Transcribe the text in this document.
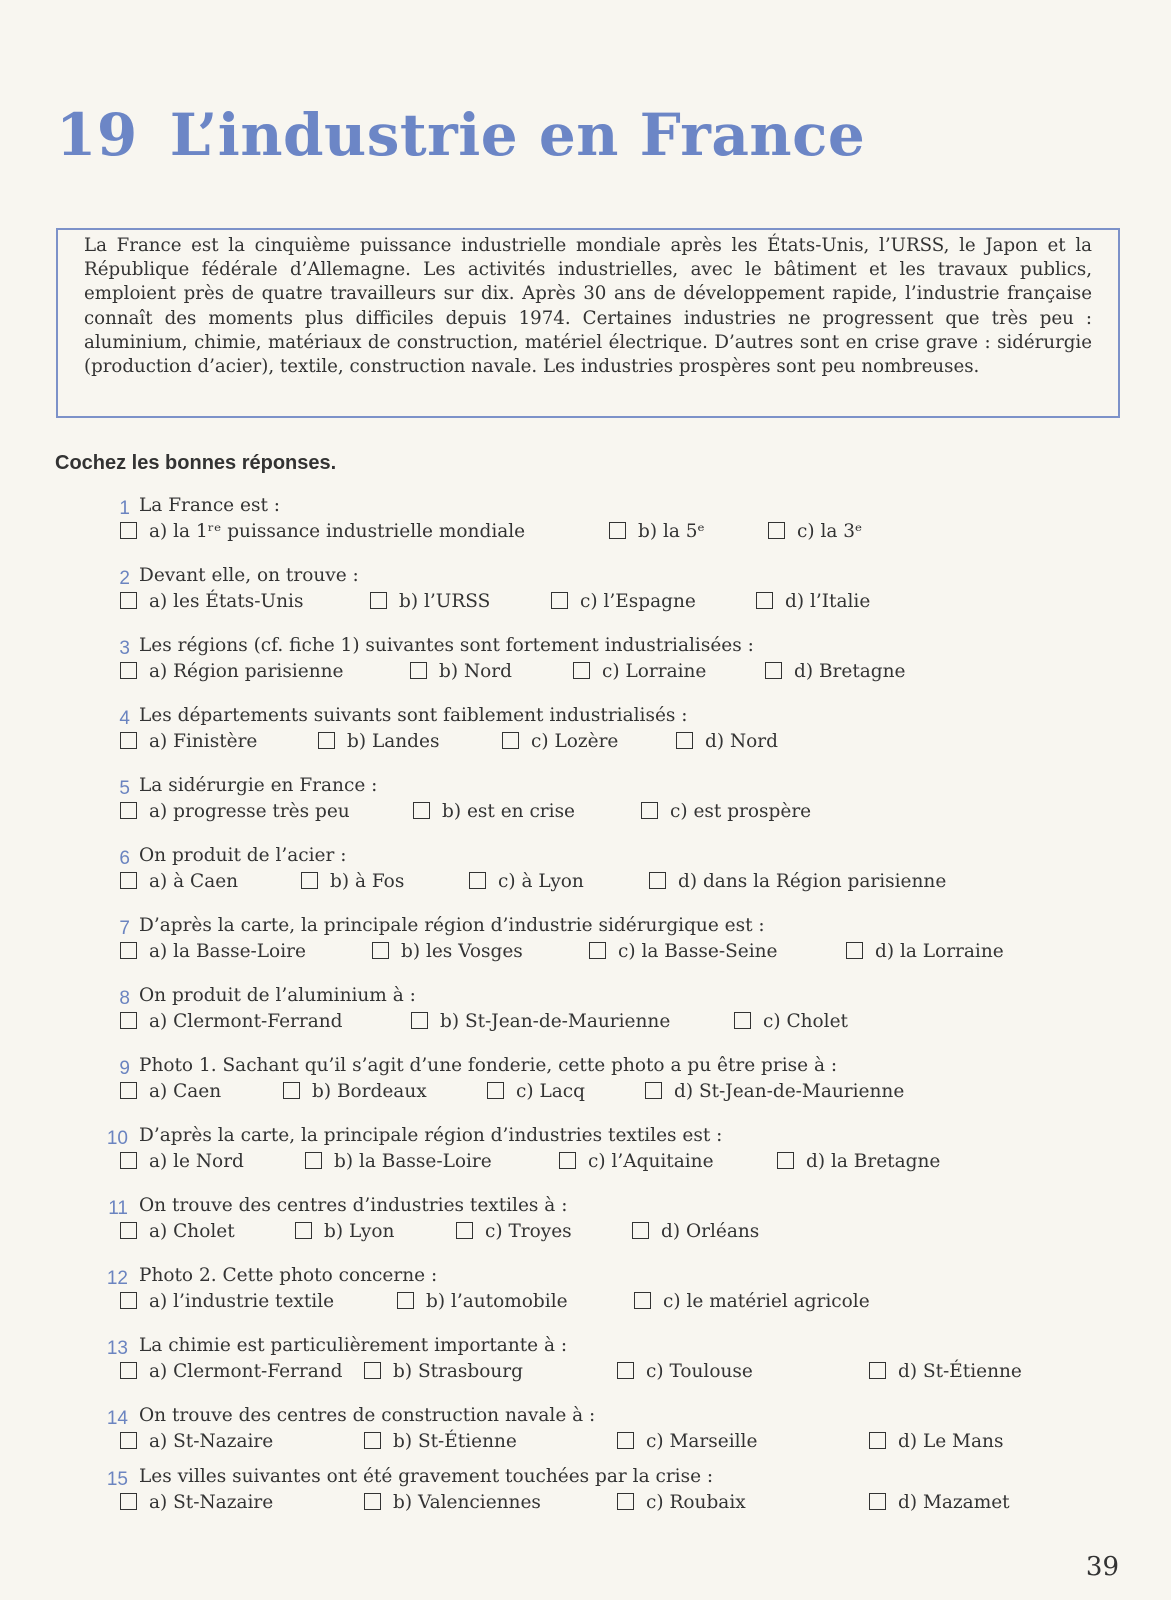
19 L’industrie en France
La France est la cinquième puissance industrielle mondiale après les États-Unis, l’URSS, le Japon et la République fédérale d’Allemagne. Les activités industrielles, avec le bâtiment et les travaux publics, emploient près de quatre travailleurs sur dix. Après 30 ans de développement rapide, l’industrie française connaît des moments plus difficiles depuis 1974. Certaines industries ne progressent que très peu : aluminium, chimie, matériaux de construction, matériel électrique. D’autres sont en crise grave : sidérurgie (production d’acier), textile, construction navale. Les industries prospères sont peu nombreuses.
Cochez les bonnes réponses.
1 La France est :
a) la 1ʳᵉ puissance industrielle mondiale	b) la 5ᵉ	c) la 3ᵉ
2 Devant elle, on trouve :
a) les États-Unis	b) l’URSS	c) l’Espagne	d) l’Italie
3 Les régions (cf. fiche 1) suivantes sont fortement industrialisées :
a) Région parisienne	b) Nord	c) Lorraine	d) Bretagne
4 Les départements suivants sont faiblement industrialisés :
a) Finistère	b) Landes	c) Lozère	d) Nord
5 La sidérurgie en France :
a) progresse très peu	b) est en crise	c) est prospère
6 On produit de l’acier :
a) à Caen	b) à Fos	c) à Lyon	d) dans la Région parisienne
7 D’après la carte, la principale région d’industrie sidérurgique est :
a) la Basse-Loire	b) les Vosges	c) la Basse-Seine	d) la Lorraine
8 On produit de l’aluminium à :
a) Clermont-Ferrand	b) St-Jean-de-Maurienne	c) Cholet
9 Photo 1. Sachant qu’il s’agit d’une fonderie, cette photo a pu être prise à :
a) Caen	b) Bordeaux	c) Lacq	d) St-Jean-de-Maurienne
10 D’après la carte, la principale région d’industries textiles est :
a) le Nord	b) la Basse-Loire	c) l’Aquitaine	d) la Bretagne
11 On trouve des centres d’industries textiles à :
a) Cholet	b) Lyon	c) Troyes	d) Orléans
12 Photo 2. Cette photo concerne :
a) l’industrie textile	b) l’automobile	c) le matériel agricole
13 La chimie est particulièrement importante à :
a) Clermont-Ferrand	b) Strasbourg	c) Toulouse	d) St-Étienne
14 On trouve des centres de construction navale à :
a) St-Nazaire	b) St-Étienne	c) Marseille	d) Le Mans
15 Les villes suivantes ont été gravement touchées par la crise :
a) St-Nazaire	b) Valenciennes	c) Roubaix	d) Mazamet
39
